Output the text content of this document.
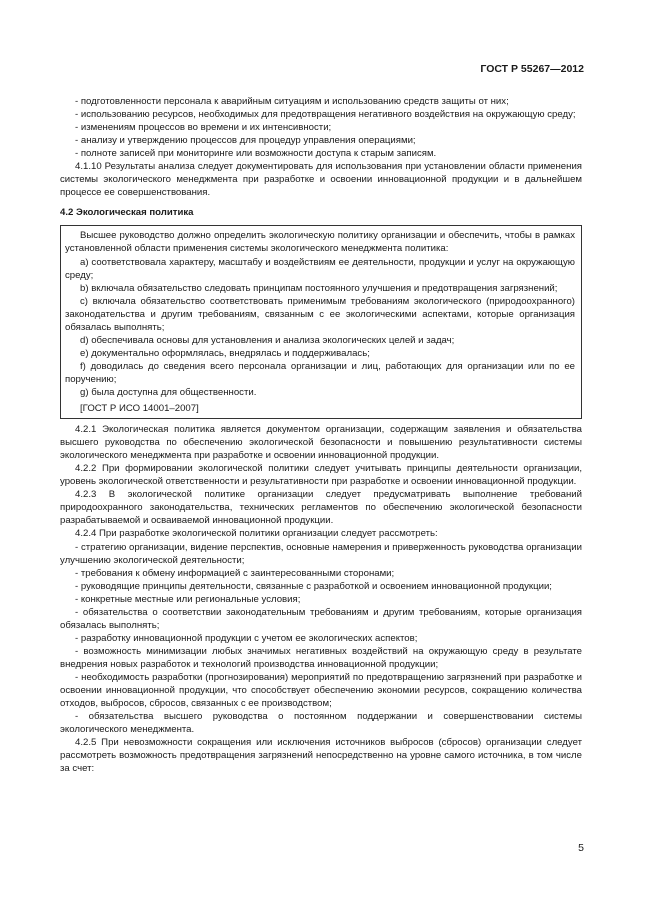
ГОСТ Р 55267—2012

- подготовленности персонала к аварийным ситуациям и использованию средств защиты от них;

- использованию ресурсов, необходимых для предотвращения негативного воздействия на окружающую среду;

- изменениям процессов во времени и их интенсивности;

- анализу и утверждению процессов для процедур управления операциями;

- полноте записей при мониторинге или возможности доступа к старым записям.

4.1.10 Результаты анализа следует документировать для использования при установлении области применения системы экологического менеджмента при разработке и освоении инновационной продукции и в дальнейшем процессе ее совершенствования.

4.2 Экологическая политика

Высшее руководство должно определить экологическую политику организации и обеспечить, чтобы в рамках установленной области применения системы экологического менеджмента политика:

a) соответствовала характеру, масштабу и воздействиям ее деятельности, продукции и услуг на окружающую среду;

b) включала обязательство следовать принципам постоянного улучшения и предотвращения загрязнений;

c) включала обязательство соответствовать применимым требованиям экологического (природоохранного) законодательства и другим требованиям, связанным с ее экологическими аспектами, которые организация обязалась выполнять;

d) обеспечивала основы для установления и анализа экологических целей и задач;

e) документально оформлялась, внедрялась и поддерживалась;

f) доводилась до сведения всего персонала организации и лиц, работающих для организации или по ее поручению;

g) была доступна для общественности.

[ГОСТ Р ИСО 14001–2007]

4.2.1 Экологическая политика является документом организации, содержащим заявления и обязательства высшего руководства по обеспечению экологической безопасности и повышению результативности системы экологического менеджмента при разработке и освоении инновационной продукции.

4.2.2 При формировании экологической политики следует учитывать принципы деятельности организации, уровень экологической ответственности и результативности при разработке и освоении инновационной продукции.

4.2.3 В экологической политике организации следует предусматривать выполнение требований природоохранного законодательства, технических регламентов по обеспечению экологической безопасности разрабатываемой и осваиваемой инновационной продукции.

4.2.4 При разработке экологической политики организации следует рассмотреть:

- стратегию организации, видение перспектив, основные намерения и приверженность руководства организации улучшению экологической деятельности;

- требования к обмену информацией с заинтересованными сторонами;

- руководящие принципы деятельности, связанные с разработкой и освоением инновационной продукции;

- конкретные местные или региональные условия;

- обязательства о соответствии законодательным требованиям и другим требованиям, которые организация обязалась выполнять;

- разработку инновационной продукции с учетом ее экологических аспектов;

- возможность минимизации любых значимых негативных воздействий на окружающую среду в результате внедрения новых разработок и технологий производства инновационной продукции;

- необходимость разработки (прогнозирования) мероприятий по предотвращению загрязнений при разработке и освоении инновационной продукции, что способствует обеспечению экономии ресурсов, сокращению количества отходов, выбросов, сбросов, связанных с ее производством;

- обязательства высшего руководства о постоянном поддержании и совершенствовании системы экологического менеджмента.

4.2.5 При невозможности сокращения или исключения источников выбросов (сбросов) организации следует рассмотреть возможность предотвращения загрязнений непосредственно на уровне самого источника, в том числе за счет:

5
